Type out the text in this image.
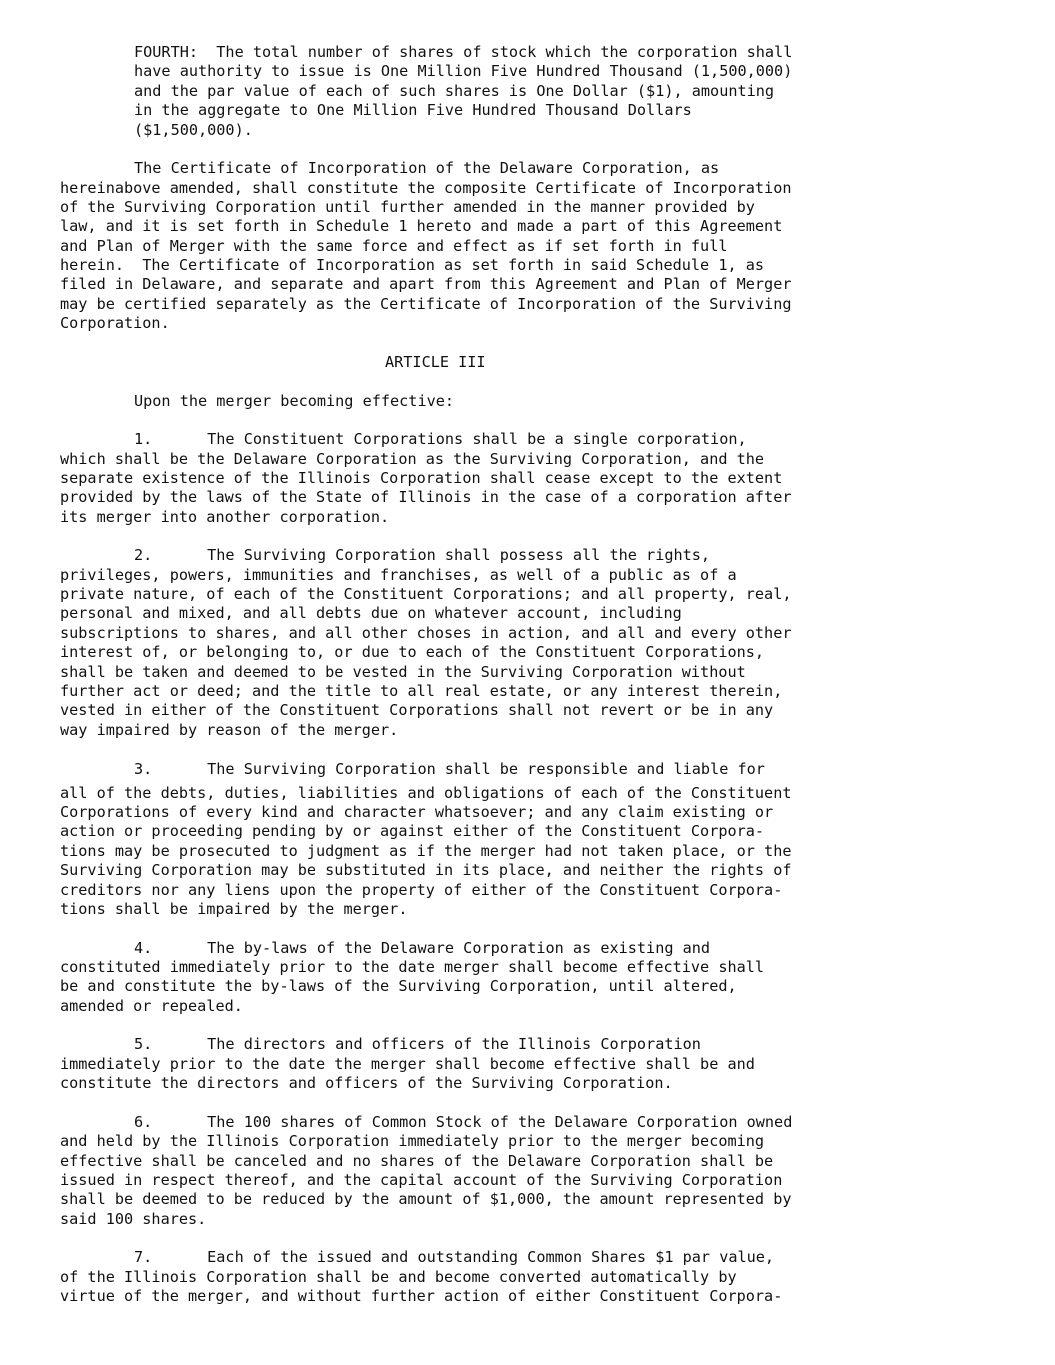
FOURTH:  The total number of shares of stock which the corporation shall
have authority to issue is One Million Five Hundred Thousand (1,500,000)
and the par value of each of such shares is One Dollar ($1), amounting
in the aggregate to One Million Five Hundred Thousand Dollars
($1,500,000).
The Certificate of Incorporation of the Delaware Corporation, as
hereinabove amended, shall constitute the composite Certificate of Incorporation
of the Surviving Corporation until further amended in the manner provided by
law, and it is set forth in Schedule 1 hereto and made a part of this Agreement
and Plan of Merger with the same force and effect as if set forth in full
herein.  The Certificate of Incorporation as set forth in said Schedule 1, as
filed in Delaware, and separate and apart from this Agreement and Plan of Merger
may be certified separately as the Certificate of Incorporation of the Surviving
Corporation.
ARTICLE III
Upon the merger becoming effective:
1.      The Constituent Corporations shall be a single corporation,
which shall be the Delaware Corporation as the Surviving Corporation, and the
separate existence of the Illinois Corporation shall cease except to the extent
provided by the laws of the State of Illinois in the case of a corporation after
its merger into another corporation.
2.      The Surviving Corporation shall possess all the rights,
privileges, powers, immunities and franchises, as well of a public as of a
private nature, of each of the Constituent Corporations; and all property, real,
personal and mixed, and all debts due on whatever account, including
subscriptions to shares, and all other choses in action, and all and every other
interest of, or belonging to, or due to each of the Constituent Corporations,
shall be taken and deemed to be vested in the Surviving Corporation without
further act or deed; and the title to all real estate, or any interest therein,
vested in either of the Constituent Corporations shall not revert or be in any
way impaired by reason of the merger.
3.      The Surviving Corporation shall be responsible and liable for
all of the debts, duties, liabilities and obligations of each of the Constituent
Corporations of every kind and character whatsoever; and any claim existing or
action or proceeding pending by or against either of the Constituent Corpora-
tions may be prosecuted to judgment as if the merger had not taken place, or the
Surviving Corporation may be substituted in its place, and neither the rights of
creditors nor any liens upon the property of either of the Constituent Corpora-
tions shall be impaired by the merger.
4.      The by-laws of the Delaware Corporation as existing and
constituted immediately prior to the date merger shall become effective shall
be and constitute the by-laws of the Surviving Corporation, until altered,
amended or repealed.
5.      The directors and officers of the Illinois Corporation
immediately prior to the date the merger shall become effective shall be and
constitute the directors and officers of the Surviving Corporation.
6.      The 100 shares of Common Stock of the Delaware Corporation owned
and held by the Illinois Corporation immediately prior to the merger becoming
effective shall be canceled and no shares of the Delaware Corporation shall be
issued in respect thereof, and the capital account of the Surviving Corporation
shall be deemed to be reduced by the amount of $1,000, the amount represented by
said 100 shares.
7.      Each of the issued and outstanding Common Shares $1 par value,
of the Illinois Corporation shall be and become converted automatically by
virtue of the merger, and without further action of either Constituent Corpora-
